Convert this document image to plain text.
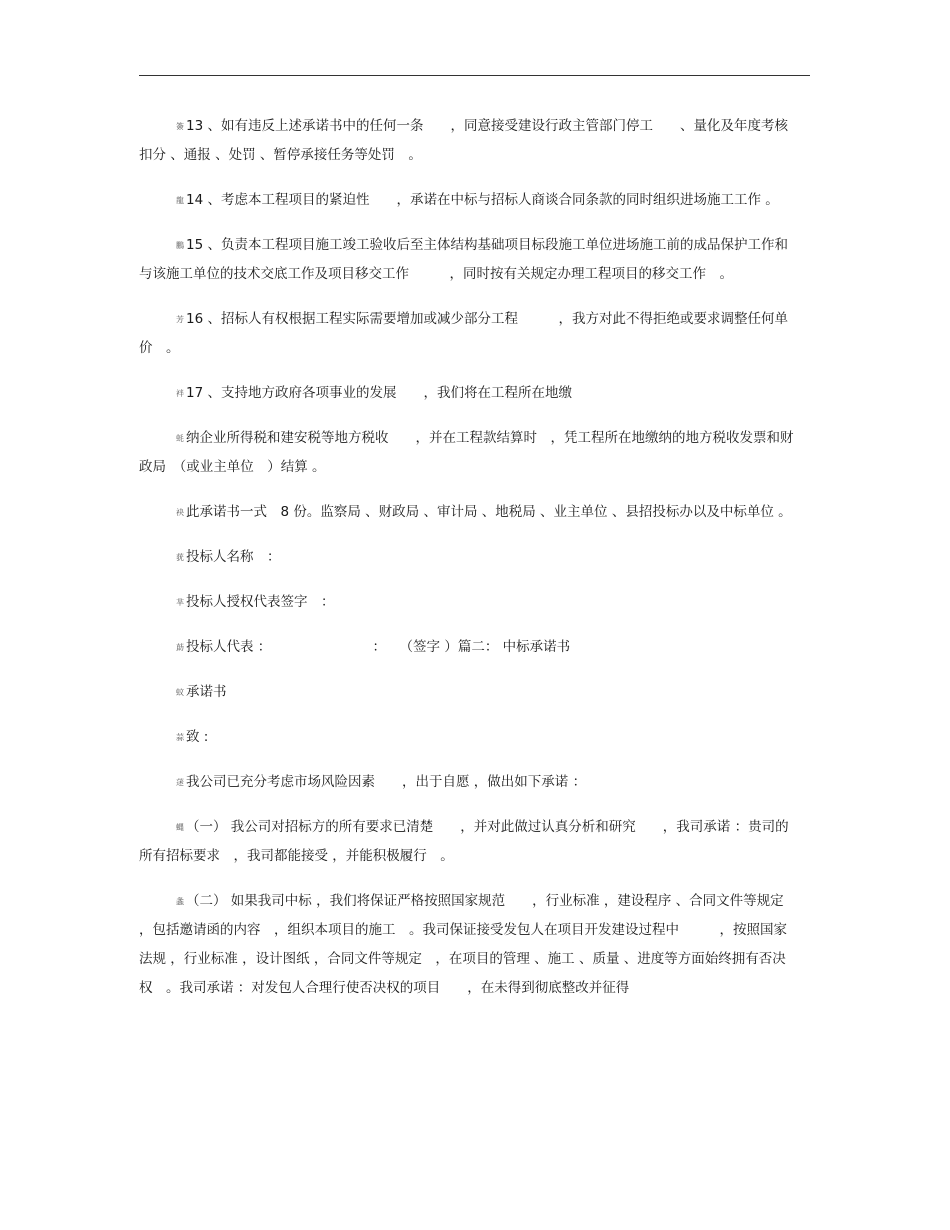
簽 13 、如有违反上述承诺书中的任何一条　　，同意接受建设行政主管部门停工　　、量化及年度考核扣分 、通报 、处罚 、暂停承接任务等处罚　。

龍 14 、考虑本工程项目的紧迫性　　，承诺在中标与招标人商谈合同条款的同时组织进场施工工作 。

鵬 15 、负责本工程项目施工竣工验收后至主体结构基础项目标段施工单位进场施工前的成品保护工作和与该施工单位的技术交底工作及项目移交工作　　　，同时按有关规定办理工程项目的移交工作　。

芳 16 、招标人有权根据工程实际需要增加或减少部分工程　　　，我方对此不得拒绝或要求调整任何单价　。

袢 17 、支持地方政府各项事业的发展　　，我们将在工程所在地缴

蚝 纳企业所得税和建安税等地方税收　　，并在工程款结算时　，凭工程所在地缴纳的地方税收发票和财政局　（或业主单位　）结算 。

袂 此承诺书一式　8 份。监察局 、财政局 、审计局 、地税局 、业主单位 、县招投标办以及中标单位 。

莸 投标人名称　：

芈 投标人授权代表签字　：

莇 投标人代表 ：　　　　　　　　：　　（签字 ）篇二： 中标承诺书

蚊 承诺书

蒜 致 :

蒁 我公司已充分考虑市场风险因素　　，出于自愿 ，做出如下承诺 ：

蝿 （一） 我公司对招标方的所有要求已清楚　　，并对此做过认真分析和研究　　，我司承诺 ：贵司的所有招标要求　，我司都能接受 ，并能积极履行　。

螽 （二） 如果我司中标 ，我们将保证严格按照国家规范　　，行业标准 ，建设程序 、合同文件等规定 ，包括邀请函的内容　，组织本项目的施工　。我司保证接受发包人在项目开发建设过程中　　　，按照国家法规 ，行业标准 ，设计图纸 ，合同文件等规定　，在项目的管理 、施工 、质量 、进度等方面始终拥有否决权　。我司承诺 ：对发包人合理行使否决权的项目　　，在未得到彻底整改并征得
